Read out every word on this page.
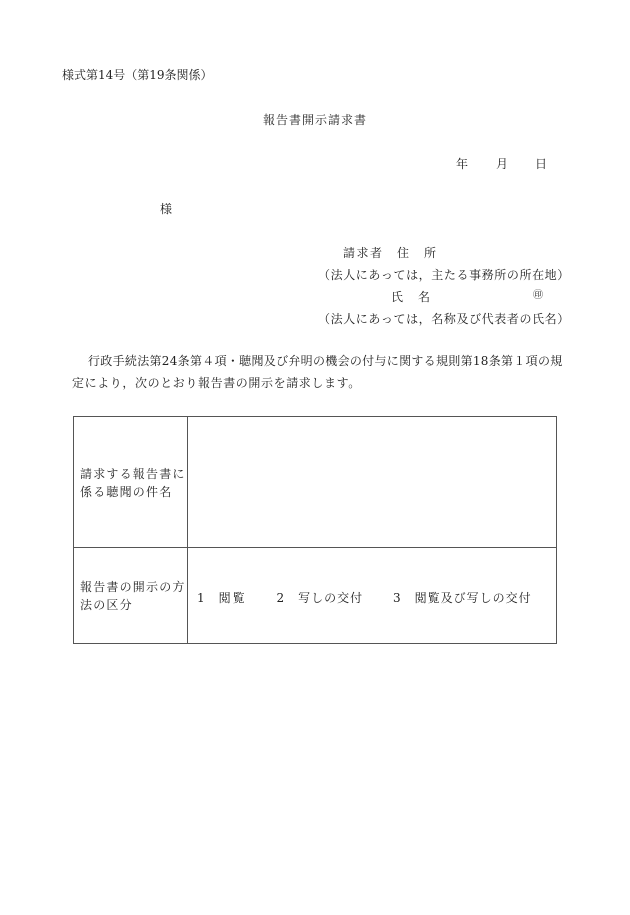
様式第14号（第19条関係）
報告書開示請求書
年 月 日
様
請求者　住　所
（法人にあっては，主たる事務所の所在地）
氏　名	㊞
（法人にあっては，名称及び代表者の氏名）
行政手続法第24条第４項・聴聞及び弁明の機会の付与に関する規則第18条第１項の規
定により，次のとおり報告書の開示を請求します。
請求する報告書に係る聴聞の件名
報告書の開示の方法の区分	1 閲覧 2 写しの交付 3 閲覧及び写しの交付
